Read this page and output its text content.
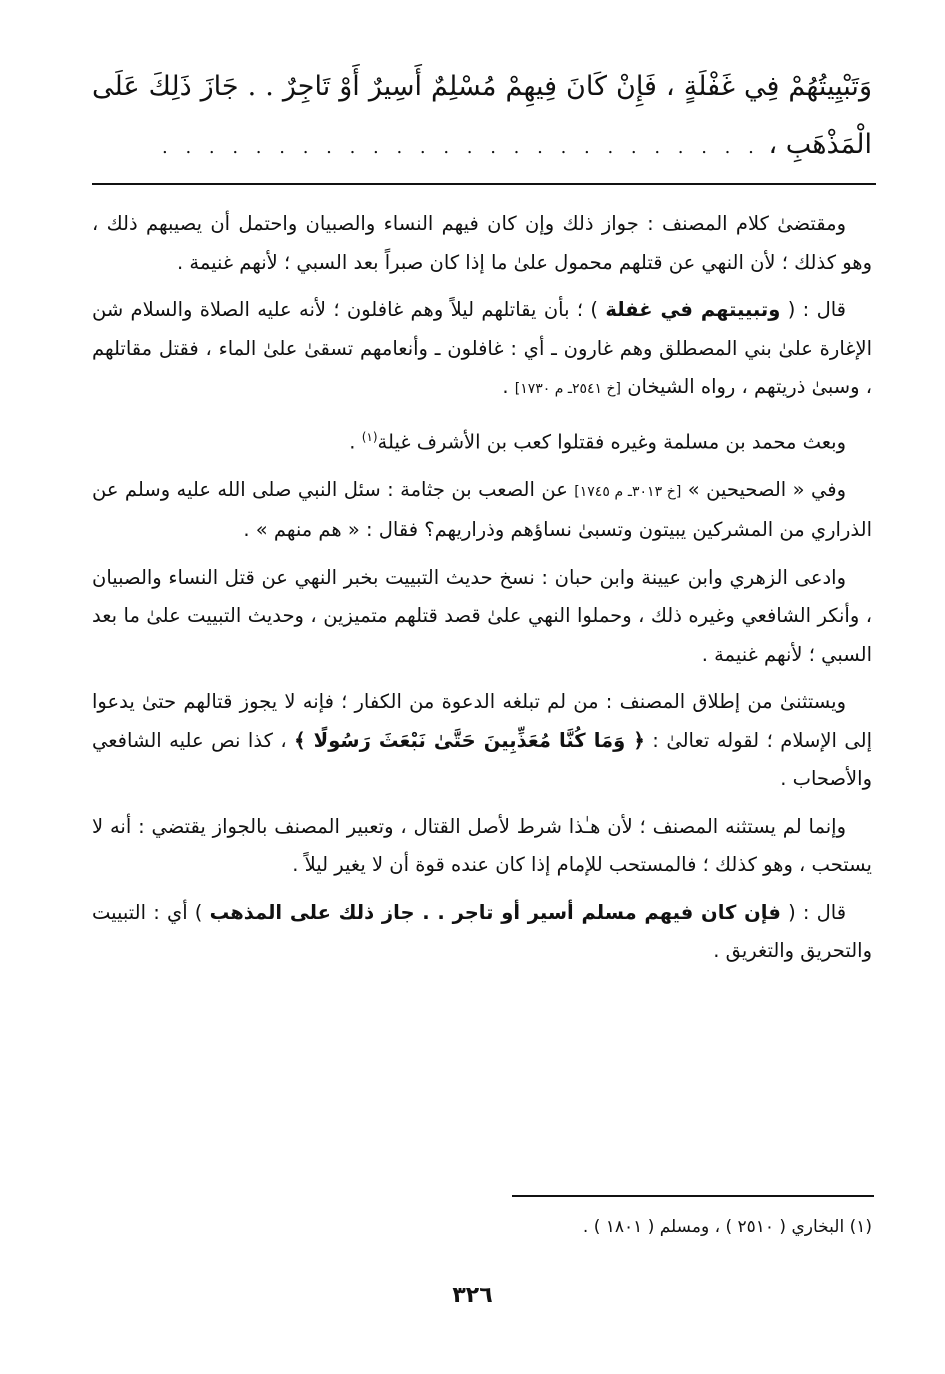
وَتَبْيِيتُهُمْ فِي غَفْلَةٍ ، فَإِنْ كَانَ فِيهِمْ مُسْلِمٌ أَسِيرٌ أَوْ تَاجِرٌ . . جَازَ ذَلِكَ عَلَى الْمَذْهَبِ ، . . . . . . . . . . . . . . . . . . . . . . . . . .

ومقتضىٰ كلام المصنف : جواز ذلك وإن كان فيهم النساء والصبيان واحتمل أن يصيبهم ذلك ، وهو كذلك ؛ لأن النهي عن قتلهم محمول علىٰ ما إذا كان صبراً بعد السبي ؛ لأنهم غنيمة .

قال : ( وتبييتهم في غفلة ) ؛ بأن يقاتلهم ليلاً وهم غافلون ؛ لأنه عليه الصلاة والسلام شن الإغارة علىٰ بني المصطلق وهم غارون ـ أي : غافلون ـ وأنعامهم تسقىٰ علىٰ الماء ، فقتل مقاتلهم ، وسبىٰ ذريتهم ، رواه الشيخان [خ ٢٥٤١ـ م ١٧٣٠] .

وبعث محمد بن مسلمة وغيره فقتلوا كعب بن الأشرف غيلة$^{(١)}$ .

وفي « الصحيحين » [خ ٣٠١٣ـ م ١٧٤٥] عن الصعب بن جثامة : سئل النبي صلى الله عليه وسلم عن الذراري من المشركين يبيتون وتسبىٰ نساؤهم وذراريهم؟ فقال : « هم منهم » .

وادعى الزهري وابن عيينة وابن حبان : نسخ حديث التبييت بخبر النهي عن قتل النساء والصبيان ، وأنكر الشافعي وغيره ذلك ، وحملوا النهي علىٰ قصد قتلهم متميزين ، وحديث التبييت علىٰ ما بعد السبي ؛ لأنهم غنيمة .

ويستثنىٰ من إطلاق المصنف : من لم تبلغه الدعوة من الكفار ؛ فإنه لا يجوز قتالهم حتىٰ يدعوا إلى الإسلام ؛ لقوله تعالىٰ : ﴿ وَمَا كُنَّا مُعَذِّبِينَ حَتَّىٰ نَبْعَثَ رَسُولًا ﴾ ، كذا نص عليه الشافعي والأصحاب .

وإنما لم يستثنه المصنف ؛ لأن هـٰذا شرط لأصل القتال ، وتعبير المصنف بالجواز يقتضي : أنه لا يستحب ، وهو كذلك ؛ فالمستحب للإمام إذا كان عنده قوة أن لا يغير ليلاً .

قال : ( فإن كان فيهم مسلم أسير أو تاجر . . جاز ذلك على المذهب ) أي : التبييت والتحريق والتغريق .

(١) البخاري ( ٢٥١٠ ) ، ومسلم ( ١٨٠١ ) .
٣٢٦
